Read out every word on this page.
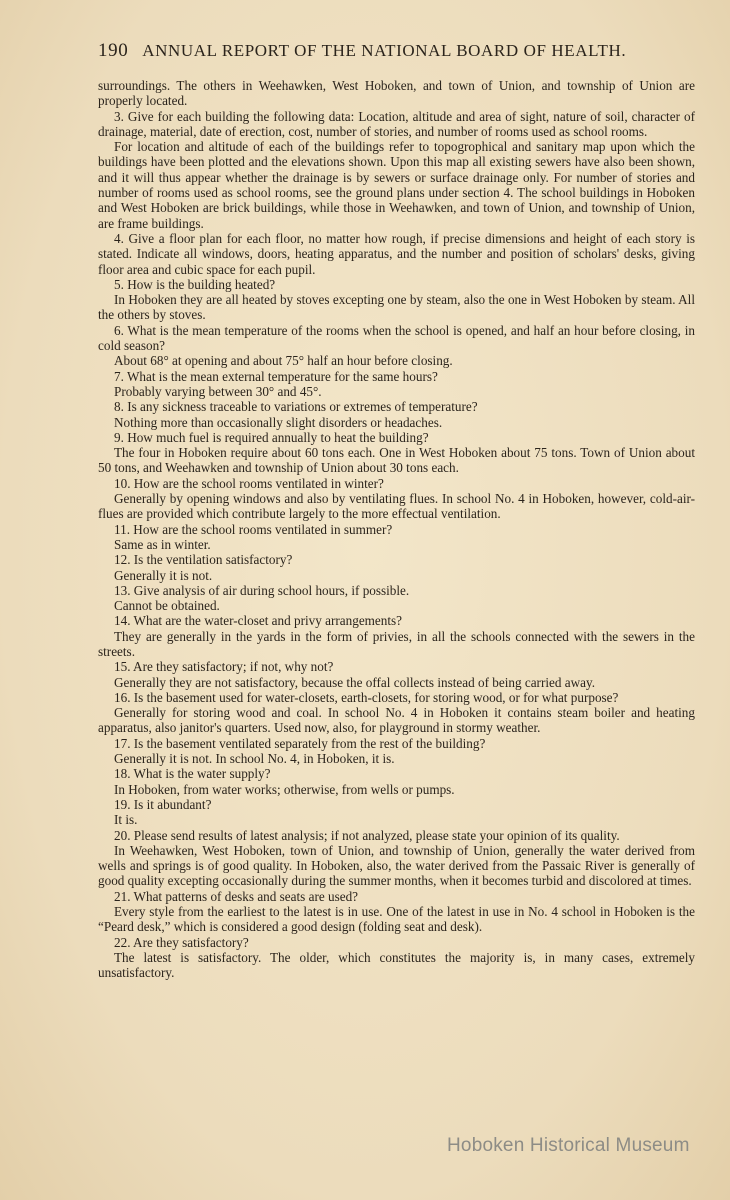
190 ANNUAL REPORT OF THE NATIONAL BOARD OF HEALTH.

surroundings. The others in Weehawken, West Hoboken, and town of Union, and township of Union are properly located.

3. Give for each building the following data: Location, altitude and area of sight, nature of soil, character of drainage, material, date of erection, cost, number of stories, and number of rooms used as school rooms.

For location and altitude of each of the buildings refer to topogrophical and sanitary map upon which the buildings have been plotted and the elevations shown. Upon this map all existing sewers have also been shown, and it will thus appear whether the drainage is by sewers or surface drainage only. For number of stories and number of rooms used as school rooms, see the ground plans under section 4. The school buildings in Hoboken and West Hoboken are brick buildings, while those in Weehawken, and town of Union, and township of Union, are frame buildings.

4. Give a floor plan for each floor, no matter how rough, if precise dimensions and height of each story is stated. Indicate all windows, doors, heating apparatus, and the number and position of scholars' desks, giving floor area and cubic space for each pupil.

5. How is the building heated?

In Hoboken they are all heated by stoves excepting one by steam, also the one in West Hoboken by steam. All the others by stoves.

6. What is the mean temperature of the rooms when the school is opened, and half an hour before closing, in cold season?

About 68° at opening and about 75° half an hour before closing.

7. What is the mean external temperature for the same hours?

Probably varying between 30° and 45°.

8. Is any sickness traceable to variations or extremes of temperature?

Nothing more than occasionally slight disorders or headaches.

9. How much fuel is required annually to heat the building?

The four in Hoboken require about 60 tons each. One in West Hoboken about 75 tons. Town of Union about 50 tons, and Weehawken and township of Union about 30 tons each.

10. How are the school rooms ventilated in winter?

Generally by opening windows and also by ventilating flues. In school No. 4 in Hoboken, however, cold-air-flues are provided which contribute largely to the more effectual ventilation.

11. How are the school rooms ventilated in summer?

Same as in winter.

12. Is the ventilation satisfactory?

Generally it is not.

13. Give analysis of air during school hours, if possible.

Cannot be obtained.

14. What are the water-closet and privy arrangements?

They are generally in the yards in the form of privies, in all the schools connected with the sewers in the streets.

15. Are they satisfactory; if not, why not?

Generally they are not satisfactory, because the offal collects instead of being carried away.

16. Is the basement used for water-closets, earth-closets, for storing wood, or for what purpose?

Generally for storing wood and coal. In school No. 4 in Hoboken it contains steam boiler and heating apparatus, also janitor's quarters. Used now, also, for playground in stormy weather.

17. Is the basement ventilated separately from the rest of the building?

Generally it is not. In school No. 4, in Hoboken, it is.

18. What is the water supply?

In Hoboken, from water works; otherwise, from wells or pumps.

19. Is it abundant?

It is.

20. Please send results of latest analysis; if not analyzed, please state your opinion of its quality.

In Weehawken, West Hoboken, town of Union, and township of Union, generally the water derived from wells and springs is of good quality. In Hoboken, also, the water derived from the Passaic River is generally of good quality excepting occasionally during the summer months, when it becomes turbid and discolored at times.

21. What patterns of desks and seats are used?

Every style from the earliest to the latest is in use. One of the latest in use in No. 4 school in Hoboken is the “Peard desk,” which is considered a good design (folding seat and desk).

22. Are they satisfactory?

The latest is satisfactory. The older, which constitutes the majority is, in many cases, extremely unsatisfactory.

Hoboken Historical Museum
